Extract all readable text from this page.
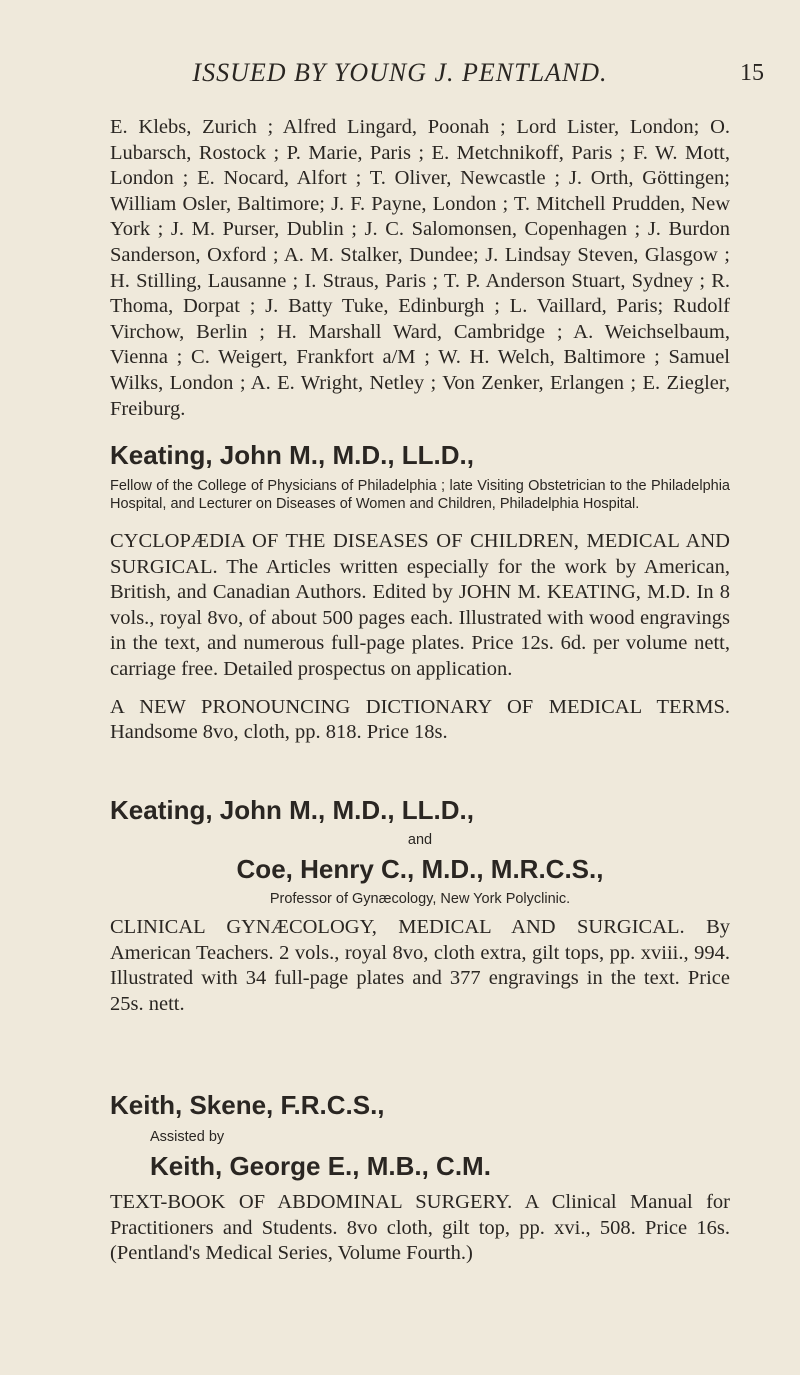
ISSUED BY YOUNG J. PENTLAND.	15

E. Klebs, Zurich ; Alfred Lingard, Poonah ; Lord Lister, London; O. Lubarsch, Rostock ; P. Marie, Paris ; E. Metchnikoff, Paris ; F. W. Mott, London ; E. Nocard, Alfort ; T. Oliver, Newcastle ; J. Orth, Göttingen; William Osler, Baltimore; J. F. Payne, London ; T. Mitchell Prudden, New York ; J. M. Purser, Dublin ; J. C. Salomonsen, Copenhagen ; J. Burdon Sanderson, Oxford ; A. M. Stalker, Dundee; J. Lindsay Steven, Glasgow ; H. Stilling, Lausanne ; I. Straus, Paris ; T. P. Anderson Stuart, Sydney ; R. Thoma, Dorpat ; J. Batty Tuke, Edinburgh ; L. Vaillard, Paris; Rudolf Virchow, Berlin ; H. Marshall Ward, Cambridge ; A. Weichselbaum, Vienna ; C. Weigert, Frankfort a/M ; W. H. Welch, Baltimore ; Samuel Wilks, London ; A. E. Wright, Netley ; Von Zenker, Erlangen ; E. Ziegler, Freiburg.

Keating, John M., M.D., LL.D.,

Fellow of the College of Physicians of Philadelphia ; late Visiting Obstetrician to the Philadelphia Hospital, and Lecturer on Diseases of Women and Children, Philadelphia Hospital.

CYCLOPÆDIA OF THE DISEASES OF CHILDREN, MEDICAL AND SURGICAL. The Articles written especially for the work by American, British, and Canadian Authors. Edited by JOHN M. KEATING, M.D. In 8 vols., royal 8vo, of about 500 pages each. Illustrated with wood engravings in the text, and numerous full-page plates. Price 12s. 6d. per volume nett, carriage free. Detailed prospectus on application.

A NEW PRONOUNCING DICTIONARY OF MEDICAL TERMS. Handsome 8vo, cloth, pp. 818. Price 18s.

Keating, John M., M.D., LL.D.,

and

Coe, Henry C., M.D., M.R.C.S.,

Professor of Gynæcology, New York Polyclinic.

CLINICAL GYNÆCOLOGY, MEDICAL AND SURGICAL. By American Teachers. 2 vols., royal 8vo, cloth extra, gilt tops, pp. xviii., 994. Illustrated with 34 full-page plates and 377 engravings in the text. Price 25s. nett.

Keith, Skene, F.R.C.S.,

Assisted by

Keith, George E., M.B., C.M.

TEXT-BOOK OF ABDOMINAL SURGERY. A Clinical Manual for Practitioners and Students. 8vo cloth, gilt top, pp. xvi., 508. Price 16s. (Pentland's Medical Series, Volume Fourth.)
